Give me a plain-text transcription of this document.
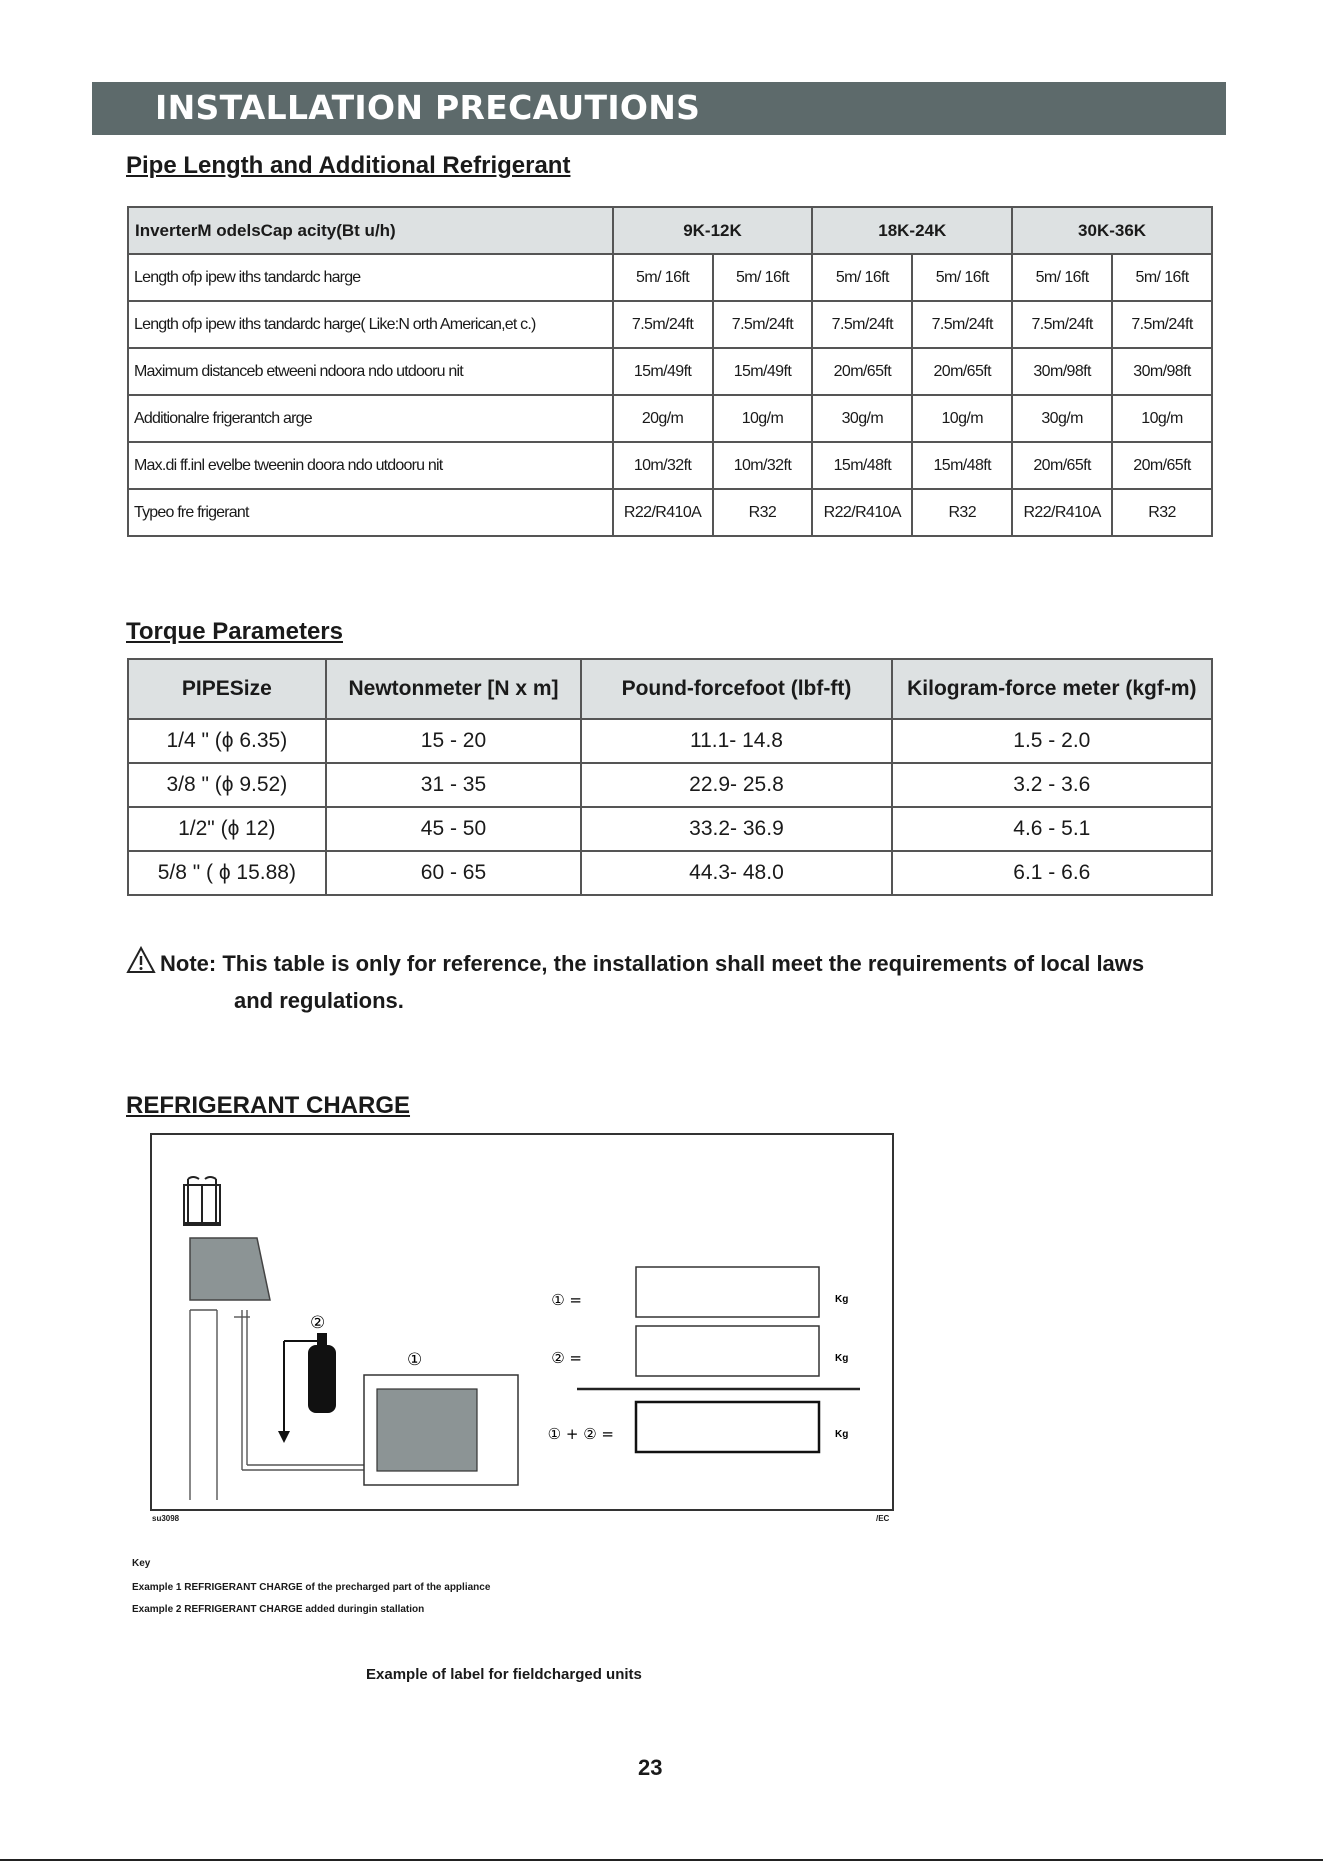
INSTALLATION PRECAUTIONS
Pipe Length and Additional Refrigerant
InverterM odelsCap acity(Bt u/h)	9K-12K		18K-24K		30K-36K	
Length ofp ipew iths tandardc harge	5m/ 16ft	5m/ 16ft	5m/ 16ft	5m/ 16ft	5m/ 16ft	5m/ 16ft
Length ofp ipew iths tandardc harge( Like:N orth American,et c.)	7.5m/24ft	7.5m/24ft	7.5m/24ft	7.5m/24ft	7.5m/24ft	7.5m/24ft
Maximum distanceb etweeni ndoora ndo utdooru nit	15m/49ft	15m/49ft	20m/65ft	20m/65ft	30m/98ft	30m/98ft
Additionalre frigerantch arge	20g/m	10g/m	30g/m	10g/m	30g/m	10g/m
Max.di ff.inl evelbe tweenin doora ndo utdooru nit	10m/32ft	10m/32ft	15m/48ft	15m/48ft	20m/65ft	20m/65ft
Typeo fre frigerant	R22/R410A	R32	R22/R410A	R32	R22/R410A	R32
Torque Parameters
PIPESize	Newtonmeter [N x m]	Pound-forcefoot (lbf-ft)	Kilogram-force meter (kgf-m)
1/4 " (ϕ 6.35)	15 - 20	11.1- 14.8	1.5 - 2.0
3/8 " (ϕ 9.52)	31 - 35	22.9- 25.8	3.2 - 3.6
1/2" (ϕ 12)	45 - 50	33.2- 36.9	4.6 - 5.1
5/8 " ( ϕ 15.88)	60 - 65	44.3- 48.0	6.1 - 6.6
Note: This table is only for reference, the installation shall meet the requirements of local laws
and regulations.
REFRIGERANT CHARGE
②
①
① =	Kg
② =	Kg
① + ② =	Kg
su3098	/EC
Key
Example 1 REFRIGERANT CHARGE of the precharged part of the appliance
Example 2 REFRIGERANT CHARGE added duringin stallation
Example of label for fieldcharged units
23
